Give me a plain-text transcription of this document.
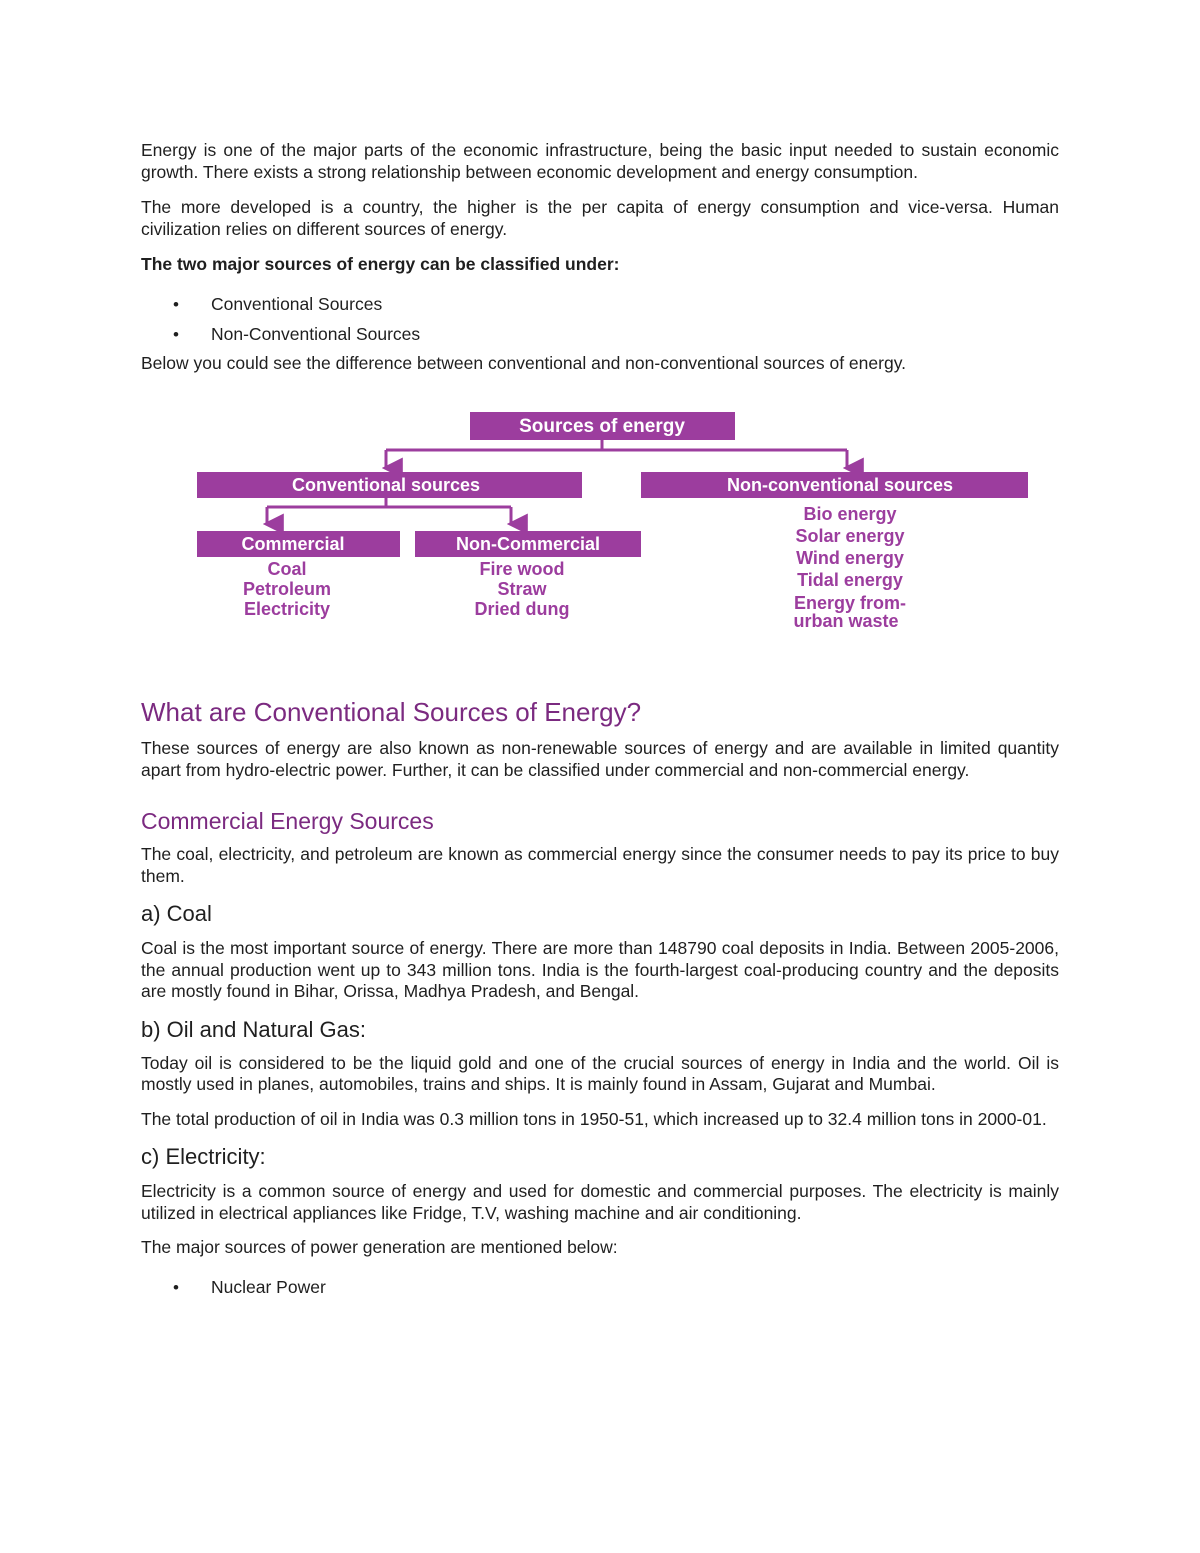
Energy is one of the major parts of the economic infrastructure, being the basic input needed to sustain economic growth. There exists a strong relationship between economic development and energy consumption.

The more developed is a country, the higher is the per capita of energy consumption and vice-versa. Human civilization relies on different sources of energy.

The two major sources of energy can be classified under:

• Conventional Sources
• Non-Conventional Sources

Below you could see the difference between conventional and non-conventional sources of energy.

Sources of energy
Conventional sources	Non-conventional sources
Commercial	Non-Commercial
Coal
Petroleum
Electricity
Fire wood
Straw
Dried dung
Bio energy
Solar energy
Wind energy
Tidal energy
Energy from-
urban waste
What are Conventional Sources of Energy?

These sources of energy are also known as non-renewable sources of energy and are available in limited quantity apart from hydro-electric power. Further, it can be classified under commercial and non-commercial energy.

Commercial Energy Sources

The coal, electricity, and petroleum are known as commercial energy since the consumer needs to pay its price to buy them.

a) Coal

Coal is the most important source of energy. There are more than 148790 coal deposits in India. Between 2005-2006, the annual production went up to 343 million tons. India is the fourth-largest coal-producing country and the deposits are mostly found in Bihar, Orissa, Madhya Pradesh, and Bengal.

b) Oil and Natural Gas:

Today oil is considered to be the liquid gold and one of the crucial sources of energy in India and the world. Oil is mostly used in planes, automobiles, trains and ships. It is mainly found in Assam, Gujarat and Mumbai.

The total production of oil in India was 0.3 million tons in 1950-51, which increased up to 32.4 million tons in 2000-01.

c) Electricity:

Electricity is a common source of energy and used for domestic and commercial purposes. The electricity is mainly utilized in electrical appliances like Fridge, T.V, washing machine and air conditioning.

The major sources of power generation are mentioned below:

• Nuclear Power
